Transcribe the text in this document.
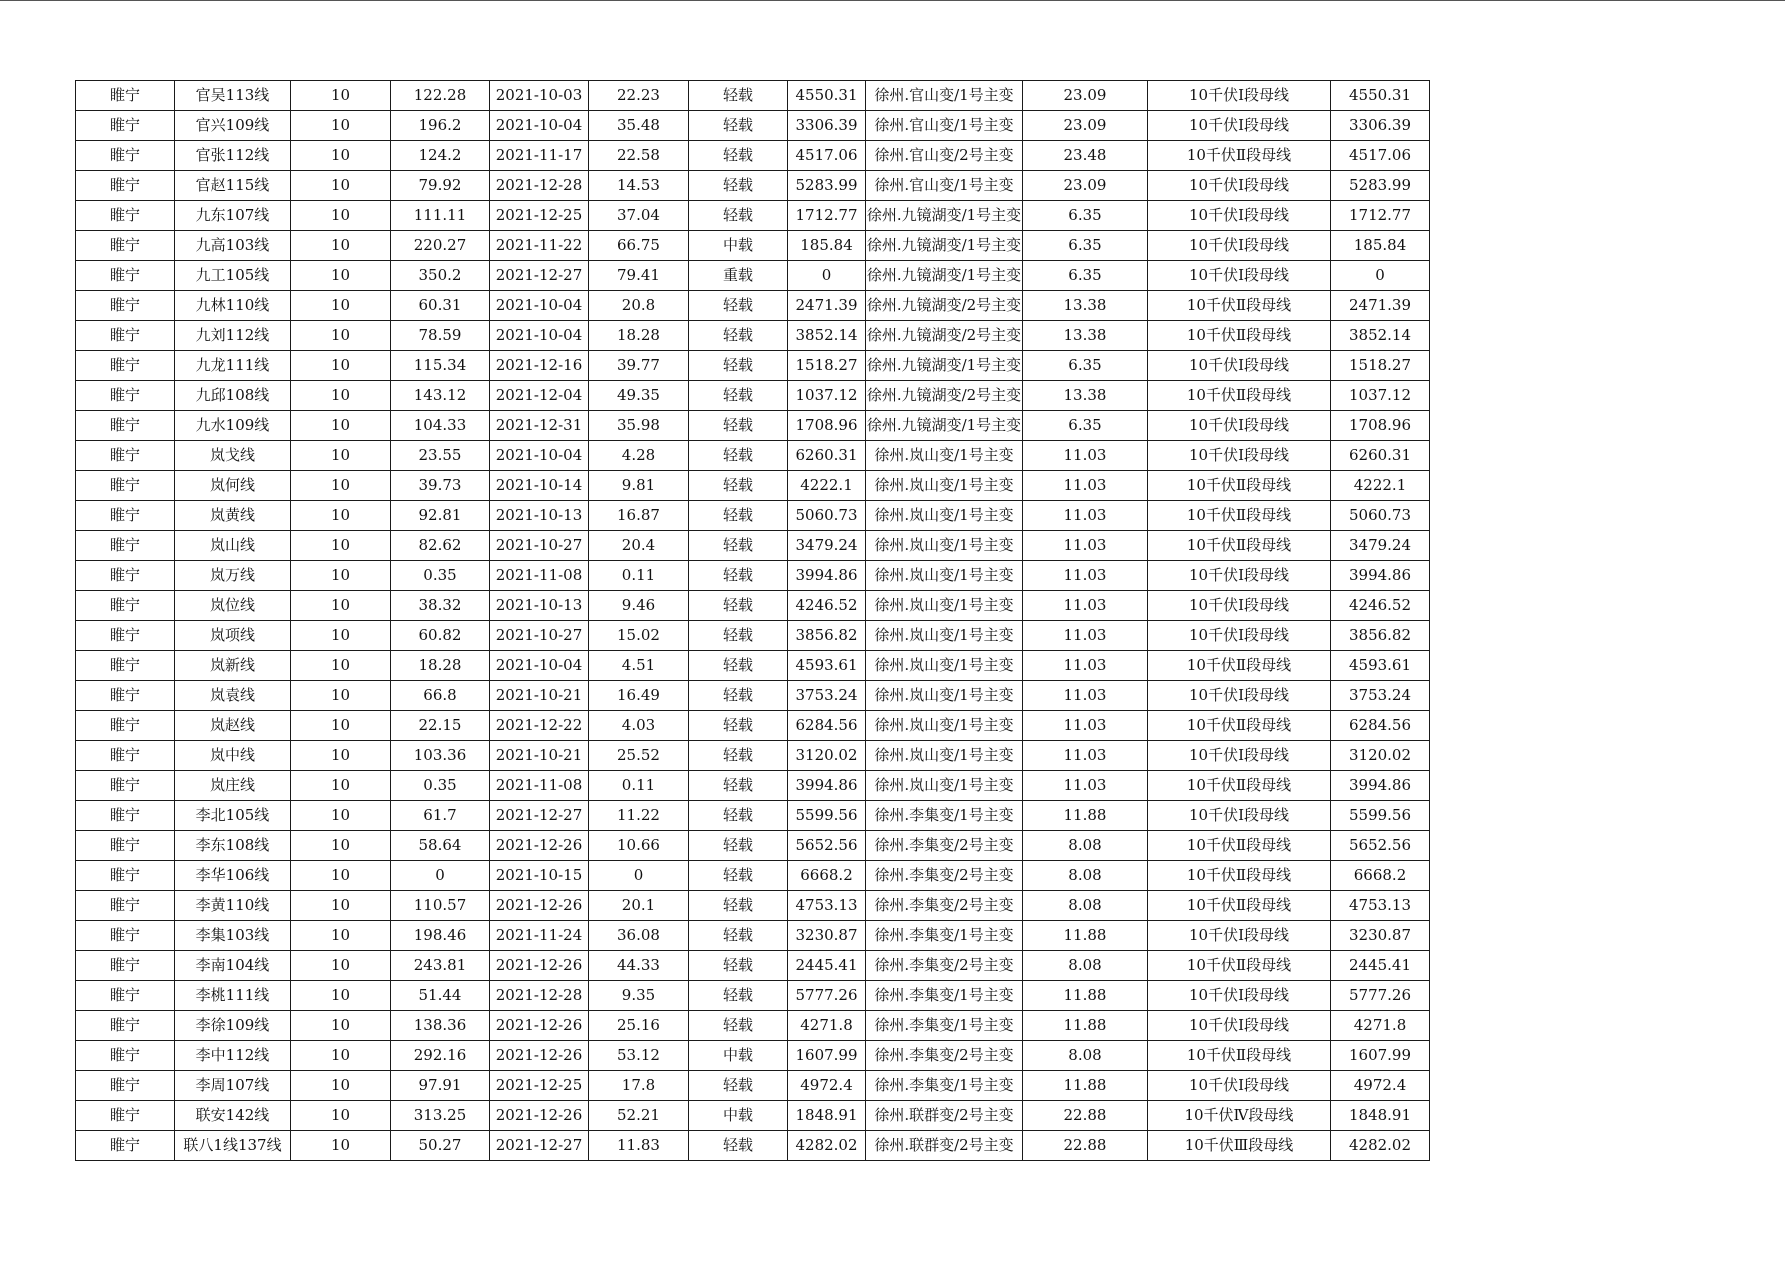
睢宁	官吴113线	10	122.28	2021-10-03	22.23	轻载	4550.31	徐州.官山变/1号主变	23.09	10千伏Ⅰ段母线	4550.31
睢宁	官兴109线	10	196.2	2021-10-04	35.48	轻载	3306.39	徐州.官山变/1号主变	23.09	10千伏Ⅰ段母线	3306.39
睢宁	官张112线	10	124.2	2021-11-17	22.58	轻载	4517.06	徐州.官山变/2号主变	23.48	10千伏Ⅱ段母线	4517.06
睢宁	官赵115线	10	79.92	2021-12-28	14.53	轻载	5283.99	徐州.官山变/1号主变	23.09	10千伏Ⅰ段母线	5283.99
睢宁	九东107线	10	111.11	2021-12-25	37.04	轻载	1712.77	徐州.九镜湖变/1号主变	6.35	10千伏Ⅰ段母线	1712.77
睢宁	九高103线	10	220.27	2021-11-22	66.75	中载	185.84	徐州.九镜湖变/1号主变	6.35	10千伏Ⅰ段母线	185.84
睢宁	九工105线	10	350.2	2021-12-27	79.41	重载	0	徐州.九镜湖变/1号主变	6.35	10千伏Ⅰ段母线	0
睢宁	九林110线	10	60.31	2021-10-04	20.8	轻载	2471.39	徐州.九镜湖变/2号主变	13.38	10千伏Ⅱ段母线	2471.39
睢宁	九刘112线	10	78.59	2021-10-04	18.28	轻载	3852.14	徐州.九镜湖变/2号主变	13.38	10千伏Ⅱ段母线	3852.14
睢宁	九龙111线	10	115.34	2021-12-16	39.77	轻载	1518.27	徐州.九镜湖变/1号主变	6.35	10千伏Ⅰ段母线	1518.27
睢宁	九邱108线	10	143.12	2021-12-04	49.35	轻载	1037.12	徐州.九镜湖变/2号主变	13.38	10千伏Ⅱ段母线	1037.12
睢宁	九水109线	10	104.33	2021-12-31	35.98	轻载	1708.96	徐州.九镜湖变/1号主变	6.35	10千伏Ⅰ段母线	1708.96
睢宁	岚戈线	10	23.55	2021-10-04	4.28	轻载	6260.31	徐州.岚山变/1号主变	11.03	10千伏Ⅰ段母线	6260.31
睢宁	岚何线	10	39.73	2021-10-14	9.81	轻载	4222.1	徐州.岚山变/1号主变	11.03	10千伏Ⅱ段母线	4222.1
睢宁	岚黄线	10	92.81	2021-10-13	16.87	轻载	5060.73	徐州.岚山变/1号主变	11.03	10千伏Ⅱ段母线	5060.73
睢宁	岚山线	10	82.62	2021-10-27	20.4	轻载	3479.24	徐州.岚山变/1号主变	11.03	10千伏Ⅱ段母线	3479.24
睢宁	岚万线	10	0.35	2021-11-08	0.11	轻载	3994.86	徐州.岚山变/1号主变	11.03	10千伏Ⅰ段母线	3994.86
睢宁	岚位线	10	38.32	2021-10-13	9.46	轻载	4246.52	徐州.岚山变/1号主变	11.03	10千伏Ⅰ段母线	4246.52
睢宁	岚项线	10	60.82	2021-10-27	15.02	轻载	3856.82	徐州.岚山变/1号主变	11.03	10千伏Ⅰ段母线	3856.82
睢宁	岚新线	10	18.28	2021-10-04	4.51	轻载	4593.61	徐州.岚山变/1号主变	11.03	10千伏Ⅱ段母线	4593.61
睢宁	岚袁线	10	66.8	2021-10-21	16.49	轻载	3753.24	徐州.岚山变/1号主变	11.03	10千伏Ⅰ段母线	3753.24
睢宁	岚赵线	10	22.15	2021-12-22	4.03	轻载	6284.56	徐州.岚山变/1号主变	11.03	10千伏Ⅱ段母线	6284.56
睢宁	岚中线	10	103.36	2021-10-21	25.52	轻载	3120.02	徐州.岚山变/1号主变	11.03	10千伏Ⅰ段母线	3120.02
睢宁	岚庄线	10	0.35	2021-11-08	0.11	轻载	3994.86	徐州.岚山变/1号主变	11.03	10千伏Ⅱ段母线	3994.86
睢宁	李北105线	10	61.7	2021-12-27	11.22	轻载	5599.56	徐州.李集变/1号主变	11.88	10千伏Ⅰ段母线	5599.56
睢宁	李东108线	10	58.64	2021-12-26	10.66	轻载	5652.56	徐州.李集变/2号主变	8.08	10千伏Ⅱ段母线	5652.56
睢宁	李华106线	10	0	2021-10-15	0	轻载	6668.2	徐州.李集变/2号主变	8.08	10千伏Ⅱ段母线	6668.2
睢宁	李黄110线	10	110.57	2021-12-26	20.1	轻载	4753.13	徐州.李集变/2号主变	8.08	10千伏Ⅱ段母线	4753.13
睢宁	李集103线	10	198.46	2021-11-24	36.08	轻载	3230.87	徐州.李集变/1号主变	11.88	10千伏Ⅰ段母线	3230.87
睢宁	李南104线	10	243.81	2021-12-26	44.33	轻载	2445.41	徐州.李集变/2号主变	8.08	10千伏Ⅱ段母线	2445.41
睢宁	李桃111线	10	51.44	2021-12-28	9.35	轻载	5777.26	徐州.李集变/1号主变	11.88	10千伏Ⅰ段母线	5777.26
睢宁	李徐109线	10	138.36	2021-12-26	25.16	轻载	4271.8	徐州.李集变/1号主变	11.88	10千伏Ⅰ段母线	4271.8
睢宁	李中112线	10	292.16	2021-12-26	53.12	中载	1607.99	徐州.李集变/2号主变	8.08	10千伏Ⅱ段母线	1607.99
睢宁	李周107线	10	97.91	2021-12-25	17.8	轻载	4972.4	徐州.李集变/1号主变	11.88	10千伏Ⅰ段母线	4972.4
睢宁	联安142线	10	313.25	2021-12-26	52.21	中载	1848.91	徐州.联群变/2号主变	22.88	10千伏Ⅳ段母线	1848.91
睢宁	联八1线137线	10	50.27	2021-12-27	11.83	轻载	4282.02	徐州.联群变/2号主变	22.88	10千伏Ⅲ段母线	4282.02
